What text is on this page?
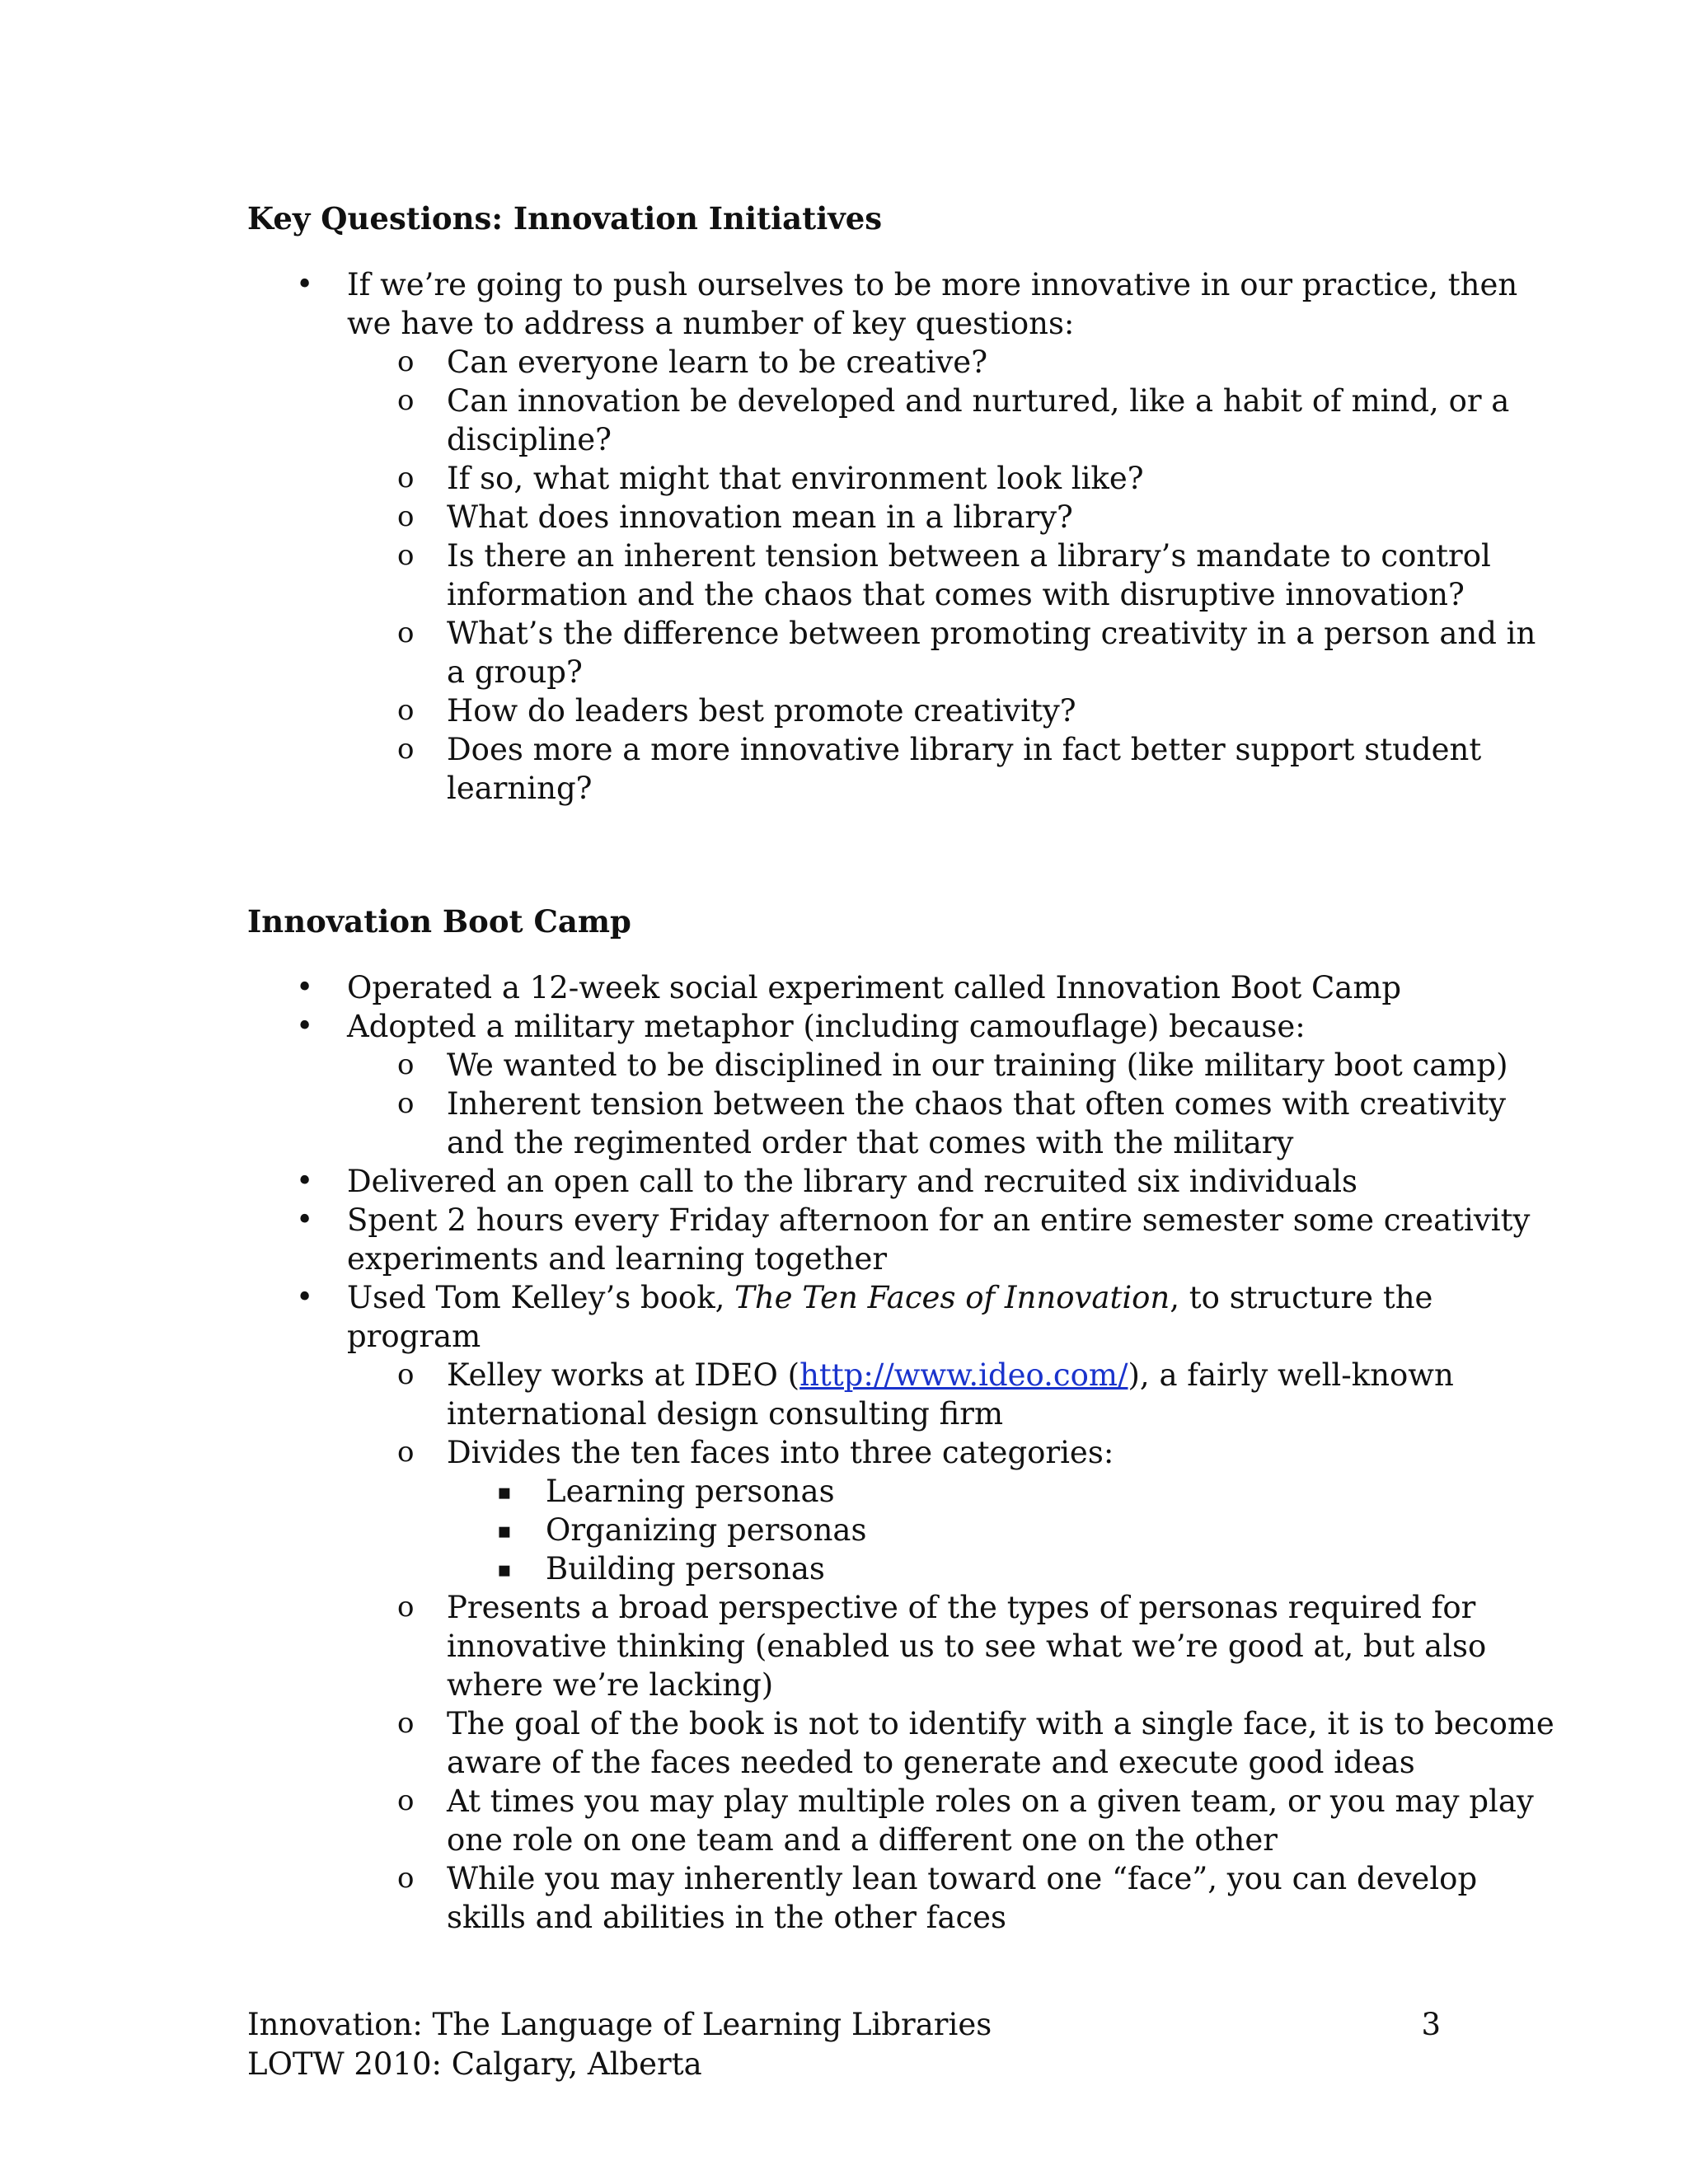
Key Questions: Innovation Initiatives
• If we’re going to push ourselves to be more innovative in our practice, then
we have to address a number of key questions:
o Can everyone learn to be creative?
o Can innovation be developed and nurtured, like a habit of mind, or a
discipline?
o If so, what might that environment look like?
o What does innovation mean in a library?
o Is there an inherent tension between a library’s mandate to control
information and the chaos that comes with disruptive innovation?
o What’s the difference between promoting creativity in a person and in
a group?
o How do leaders best promote creativity?
o Does more a more innovative library in fact better support student
learning?
Innovation Boot Camp
• Operated a 12-week social experiment called Innovation Boot Camp
• Adopted a military metaphor (including camouflage) because:
o We wanted to be disciplined in our training (like military boot camp)
o Inherent tension between the chaos that often comes with creativity
and the regimented order that comes with the military
• Delivered an open call to the library and recruited six individuals
• Spent 2 hours every Friday afternoon for an entire semester some creativity
experiments and learning together
• Used Tom Kelley’s book, The Ten Faces of Innovation, to structure the
program
o Kelley works at IDEO (http://www.ideo.com/), a fairly well-known
international design consulting firm
o Divides the ten faces into three categories:
▪ Learning personas
▪ Organizing personas
▪ Building personas
o Presents a broad perspective of the types of personas required for
innovative thinking (enabled us to see what we’re good at, but also
where we’re lacking)
o The goal of the book is not to identify with a single face, it is to become
aware of the faces needed to generate and execute good ideas
o At times you may play multiple roles on a given team, or you may play
one role on one team and a different one on the other
o While you may inherently lean toward one “face”, you can develop
skills and abilities in the other faces
Innovation: The Language of Learning Libraries	3
LOTW 2010: Calgary, Alberta
